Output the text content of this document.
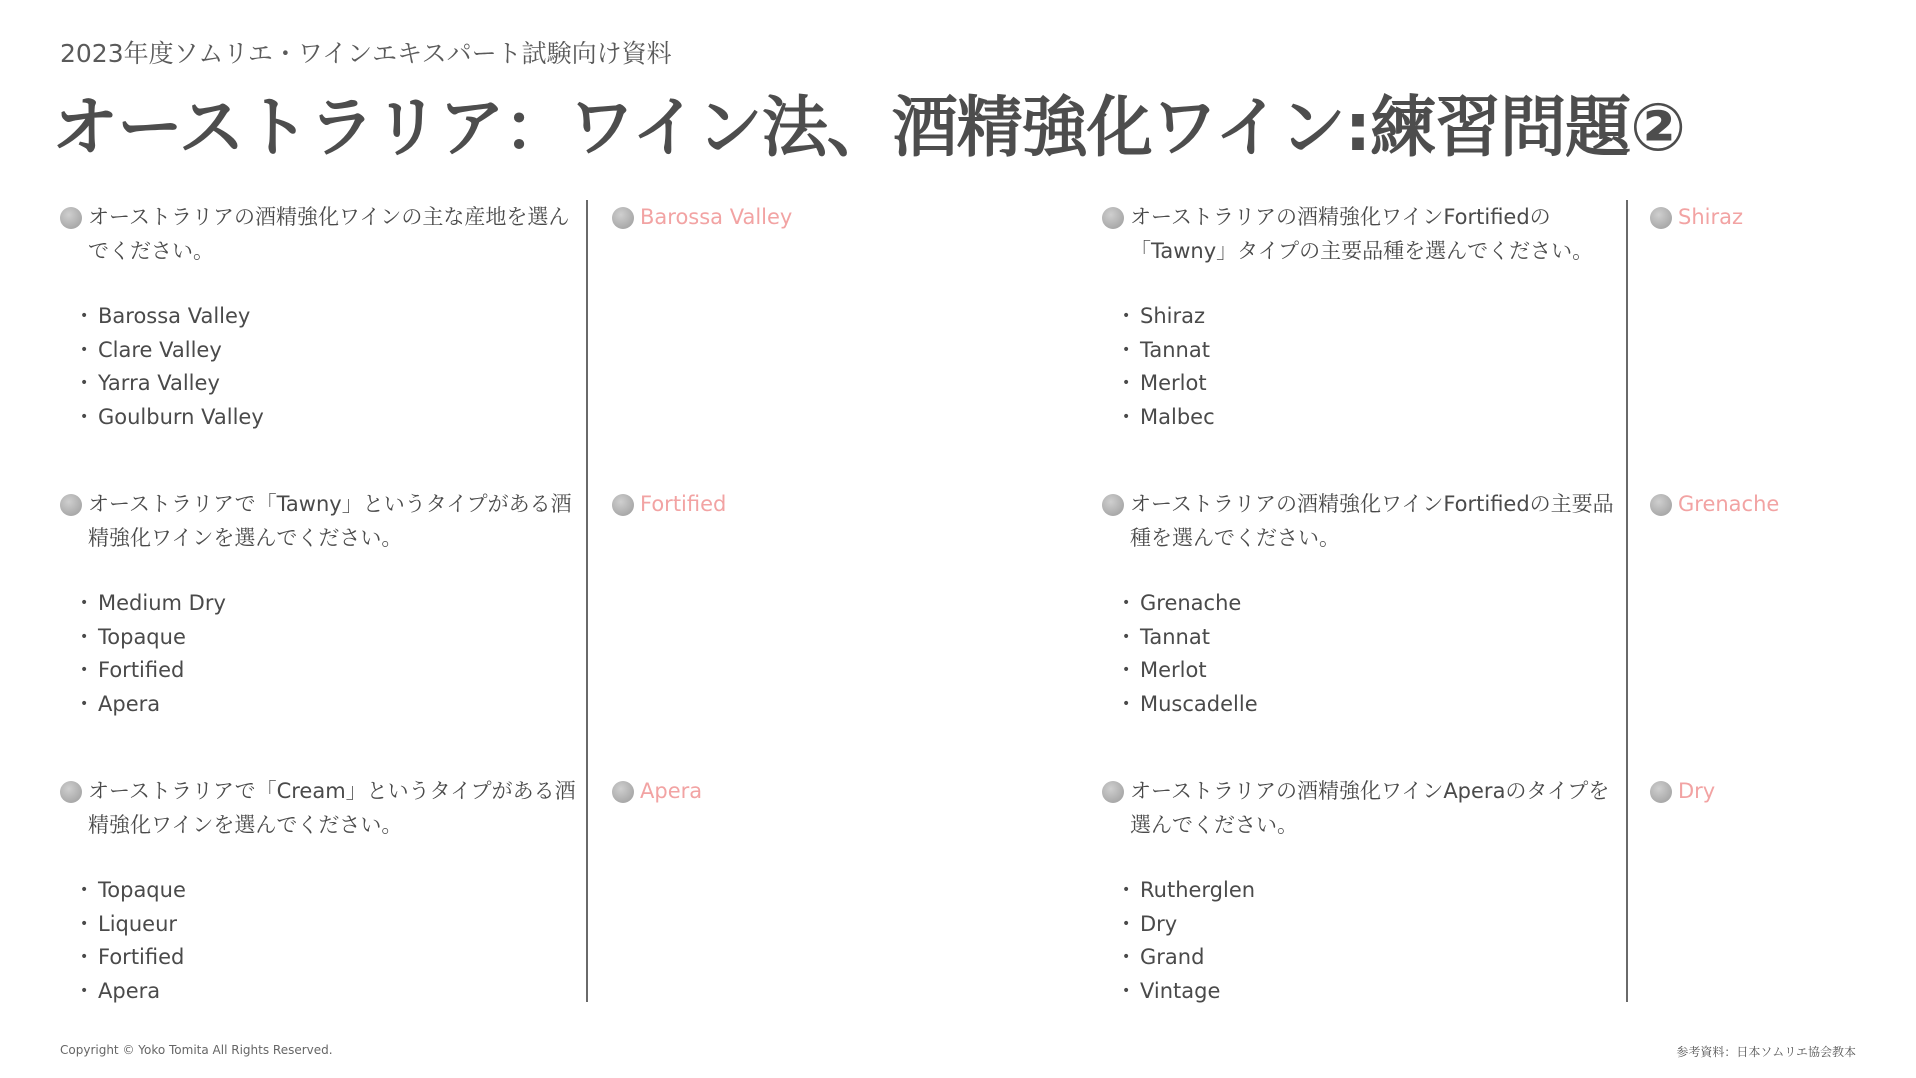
2023年度ソムリエ・ワインエキスパート試験向け資料
オーストラリア：ワイン法、酒精強化ワイン:練習問題②
オーストラリアの酒精強化ワインの主な産地を選んでください。
• Barossa Valley
• Clare Valley
• Yarra Valley
• Goulburn Valley
オーストラリアで「Tawny」というタイプがある酒精強化ワインを選んでください。
• Medium Dry
• Topaque
• Fortified
• Apera
オーストラリアで「Cream」というタイプがある酒精強化ワインを選んでください。
• Topaque
• Liqueur
• Fortified
• Apera
Barossa Valley
Fortified
Apera
オーストラリアの酒精強化ワインFortifiedの「Tawny」タイプの主要品種を選んでください。
• Shiraz
• Tannat
• Merlot
• Malbec
オーストラリアの酒精強化ワインFortifiedの主要品種を選んでください。
• Grenache
• Tannat
• Merlot
• Muscadelle
オーストラリアの酒精強化ワインAperaのタイプを選んでください。
• Rutherglen
• Dry
• Grand
• Vintage
Shiraz
Grenache
Dry
Copyright © Yoko Tomita All Rights Reserved.	参考資料：日本ソムリエ協会教本
